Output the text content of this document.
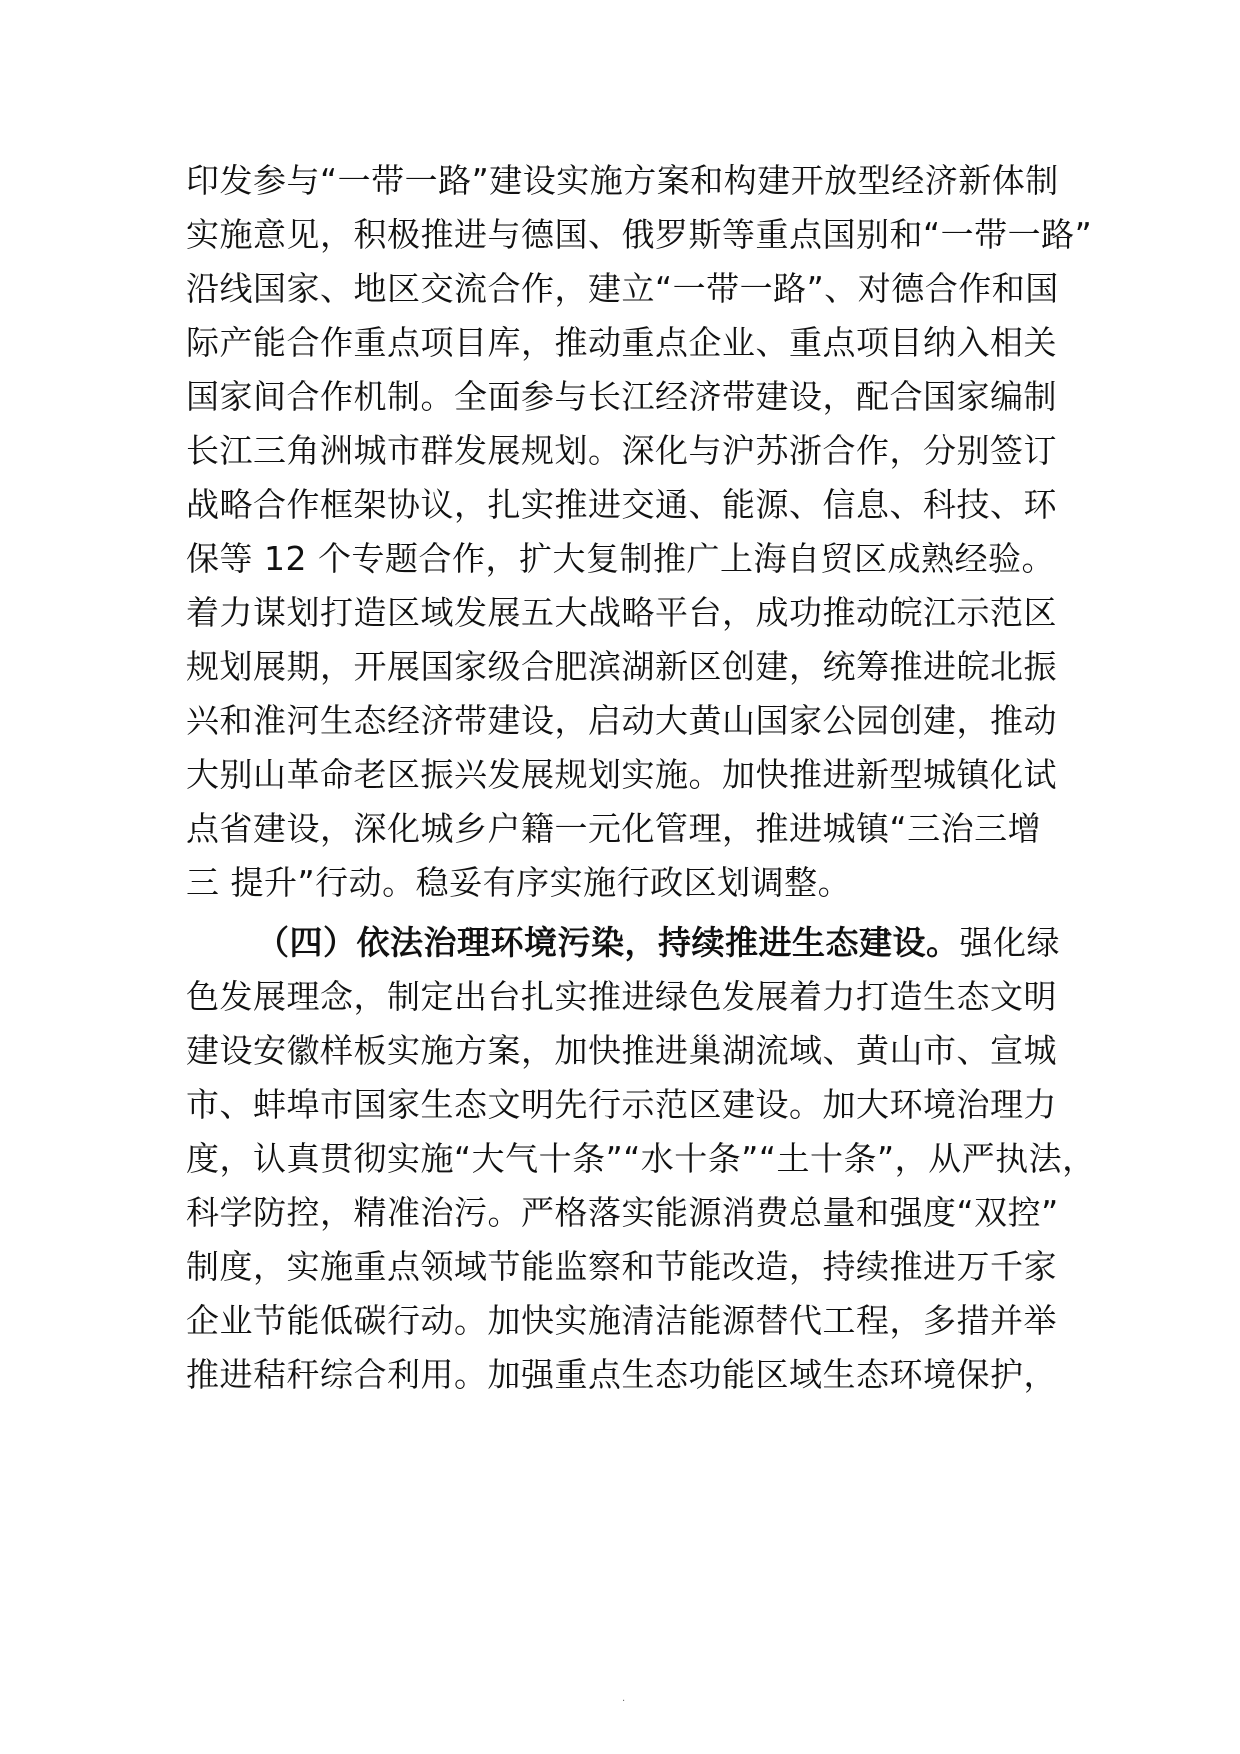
印发参与“一带一路”建设实施方案和构建开放型经济新体制
实施意见，积极推进与德国、俄罗斯等重点国别和“一带一路”
沿线国家、地区交流合作，建立“一带一路”、对德合作和国
际产能合作重点项目库，推动重点企业、重点项目纳入相关
国家间合作机制。全面参与长江经济带建设，配合国家编制
长江三角洲城市群发展规划。深化与沪苏浙合作，分别签订
战略合作框架协议，扎实推进交通、能源、信息、科技、环
保等 12 个专题合作，扩大复制推广上海自贸区成熟经验。
着力谋划打造区域发展五大战略平台，成功推动皖江示范区
规划展期，开展国家级合肥滨湖新区创建，统筹推进皖北振
兴和淮河生态经济带建设，启动大黄山国家公园创建，推动
大别山革命老区振兴发展规划实施。加快推进新型城镇化试
点省建设，深化城乡户籍一元化管理，推进城镇“三治三增
三 提升”行动。稳妥有序实施行政区划调整。
（四）依法治理环境污染，持续推进生态建设。强化绿
色发展理念，制定出台扎实推进绿色发展着力打造生态文明
建设安徽样板实施方案，加快推进巢湖流域、黄山市、宣城
市、蚌埠市国家生态文明先行示范区建设。加大环境治理力
度，认真贯彻实施“大气十条”“水十条”“土十条”，从严执法，
科学防控，精准治污。严格落实能源消费总量和强度“双控”
制度，实施重点领域节能监察和节能改造，持续推进万千家
企业节能低碳行动。加快实施清洁能源替代工程，多措并举
推进秸秆综合利用。加强重点生态功能区域生态环境保护，
.
